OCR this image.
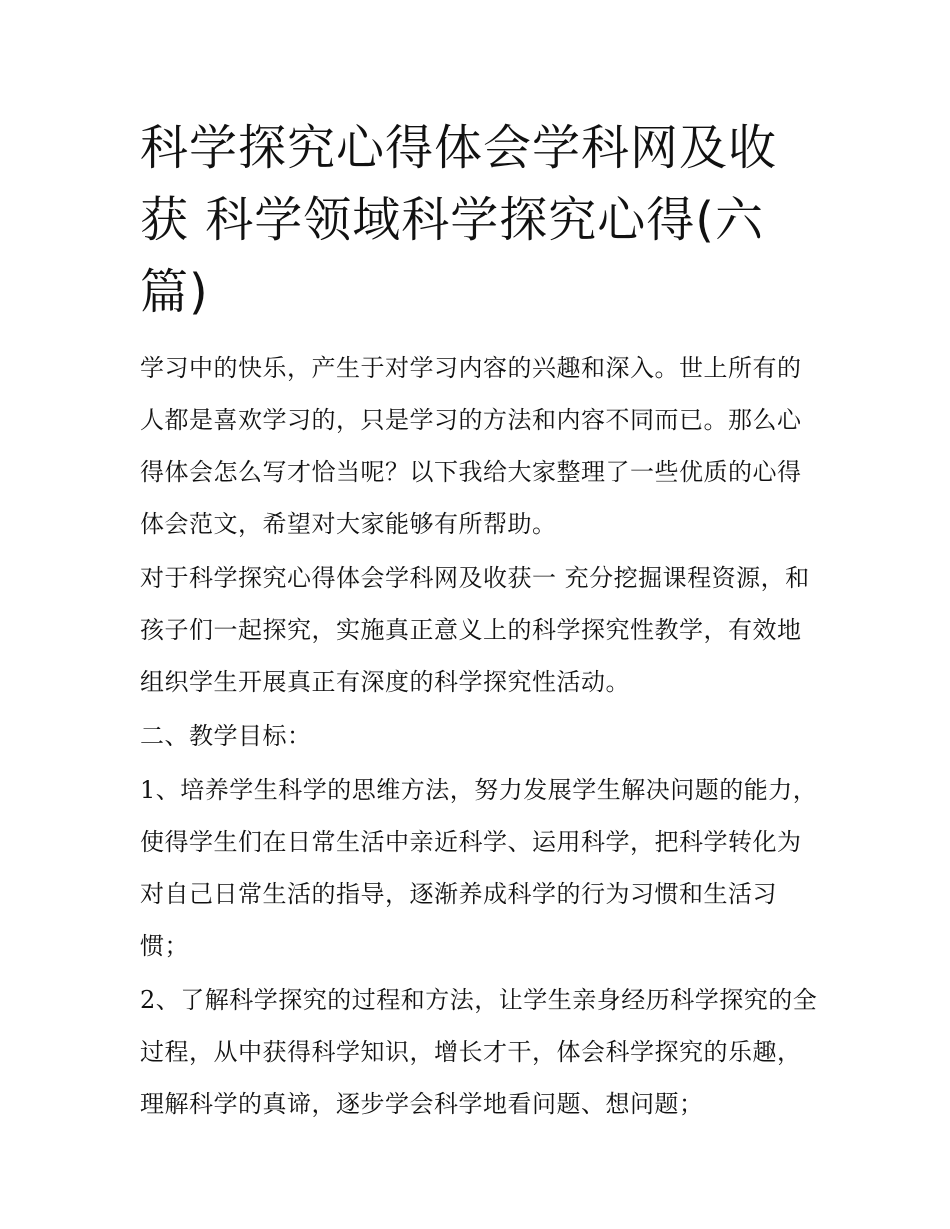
科学探究心得体会学科网及收获 科学领域科学探究心得(六篇)

学习中的快乐，产生于对学习内容的兴趣和深入。世上所有的人都是喜欢学习的，只是学习的方法和内容不同而已。那么心得体会怎么写才恰当呢？以下我给大家整理了一些优质的心得体会范文，希望对大家能够有所帮助。

对于科学探究心得体会学科网及收获一 充分挖掘课程资源，和孩子们一起探究，实施真正意义上的科学探究性教学，有效地组织学生开展真正有深度的科学探究性活动。

二、教学目标：

1、培养学生科学的思维方法，努力发展学生解决问题的能力，使得学生们在日常生活中亲近科学、运用科学，把科学转化为对自己日常生活的指导，逐渐养成科学的行为习惯和生活习惯；

2、了解科学探究的过程和方法，让学生亲身经历科学探究的全过程，从中获得科学知识，增长才干，体会科学探究的乐趣，理解科学的真谛，逐步学会科学地看问题、想问题；
